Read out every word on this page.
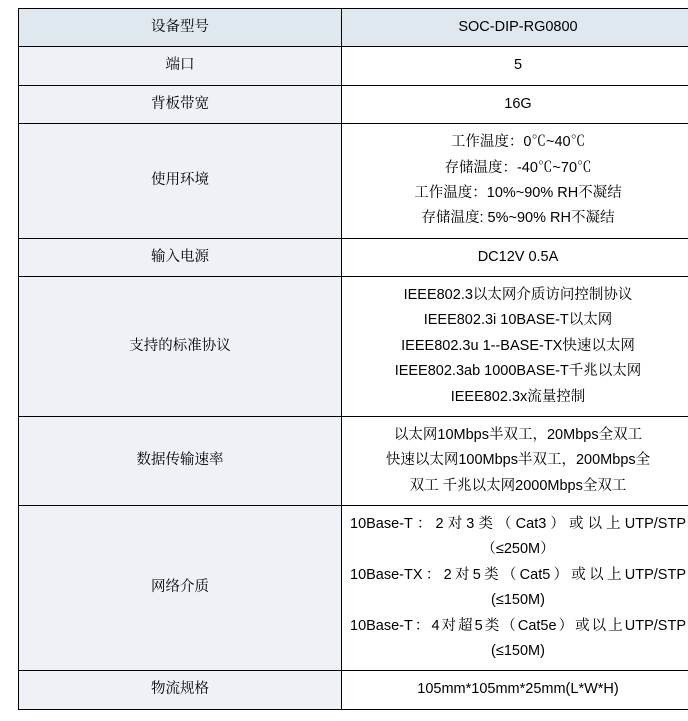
设备型号	SOC-DIP-RG0800
端口	5
背板带宽	16G
使用环境	工作温度：0℃~40℃
存储温度：-40℃~70℃
工作温度：10%~90% RH不凝结
存储温度: 5%~90% RH不凝结

输入电源	DC12V 0.5A
支持的标准协议	IEEE802.3以太网介质访问控制协议
IEEE802.3i 10BASE-T以太网
IEEE802.3u 1--BASE-TX快速以太网
IEEE802.3ab 1000BASE-T千兆以太网
IEEE802.3x流量控制

数据传输速率	以太网10Mbps半双工，20Mbps全双工
快速以太网100Mbps半双工，200Mbps全
双工 千兆以太网2000Mbps全双工

网络介质	10Base-T：2对3类（Cat3）或以上UTP/STP（≤250M）

10Base-TX：2对5类（Cat5）或以上UTP/STP (≤150M)

10Base-T：4对超5类（Cat5e）或以上UTP/STP (≤150M)

物流规格	105mm*105mm*25mm(L*W*H)
